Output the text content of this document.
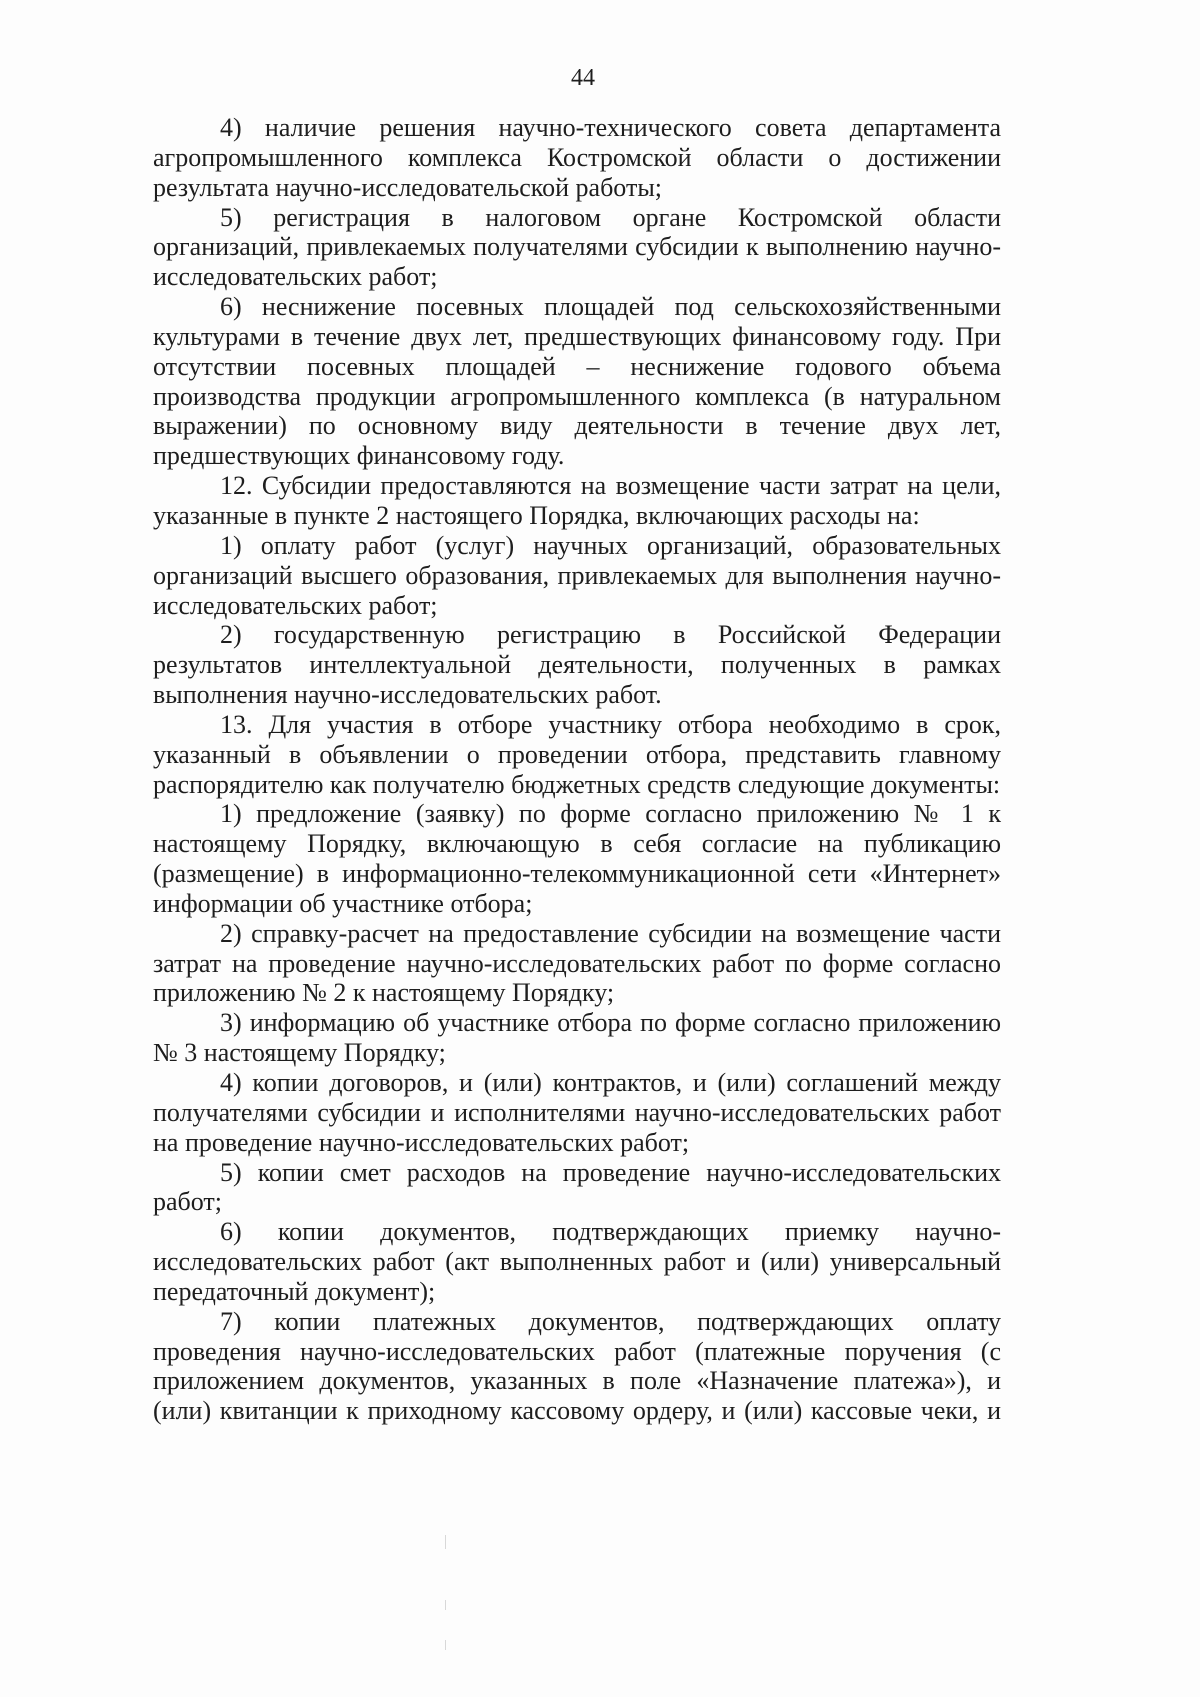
44

4) наличие решения научно-технического совета департамента агропромышленного комплекса Костромской области о достижении результата научно-исследовательской работы;

5) регистрация в налоговом органе Костромской области организаций, привлекаемых получателями субсидии к выполнению научно-исследовательских работ;

6) неснижение посевных площадей под сельскохозяйственными культурами в течение двух лет, предшествующих финансовому году. При отсутствии посевных площадей – неснижение годового объема производства продукции агропромышленного комплекса (в натуральном выражении) по основному виду деятельности в течение двух лет, предшествующих финансовому году.

12. Субсидии предоставляются на возмещение части затрат на цели, указанные в пункте 2 настоящего Порядка, включающих расходы на:

1) оплату работ (услуг) научных организаций, образовательных организаций высшего образования, привлекаемых для выполнения научно-исследовательских работ;

2) государственную регистрацию в Российской Федерации результатов интеллектуальной деятельности, полученных в рамках выполнения научно-исследовательских работ.

13. Для участия в отборе участнику отбора необходимо в срок, указанный в объявлении о проведении отбора, представить главному распорядителю как получателю бюджетных средств следующие документы:

1) предложение (заявку) по форме согласно приложению № 1 к настоящему Порядку, включающую в себя согласие на публикацию (размещение) в информационно-телекоммуникационной сети «Интернет» информации об участнике отбора;

2) справку-расчет на предоставление субсидии на возмещение части затрат на проведение научно-исследовательских работ по форме согласно приложению № 2 к настоящему Порядку;

3) информацию об участнике отбора по форме согласно приложению № 3 настоящему Порядку;

4) копии договоров, и (или) контрактов, и (или) соглашений между получателями субсидии и исполнителями научно-исследовательских работ на проведение научно-исследовательских работ;

5) копии смет расходов на проведение научно-исследовательских работ;

6) копии документов, подтверждающих приемку научно-исследовательских работ (акт выполненных работ и (или) универсальный передаточный документ);

7) копии платежных документов, подтверждающих оплату проведения научно-исследовательских работ (платежные поручения (с приложением документов, указанных в поле «Назначение платежа»), и (или) квитанции к приходному кассовому ордеру, и (или) кассовые чеки, и
